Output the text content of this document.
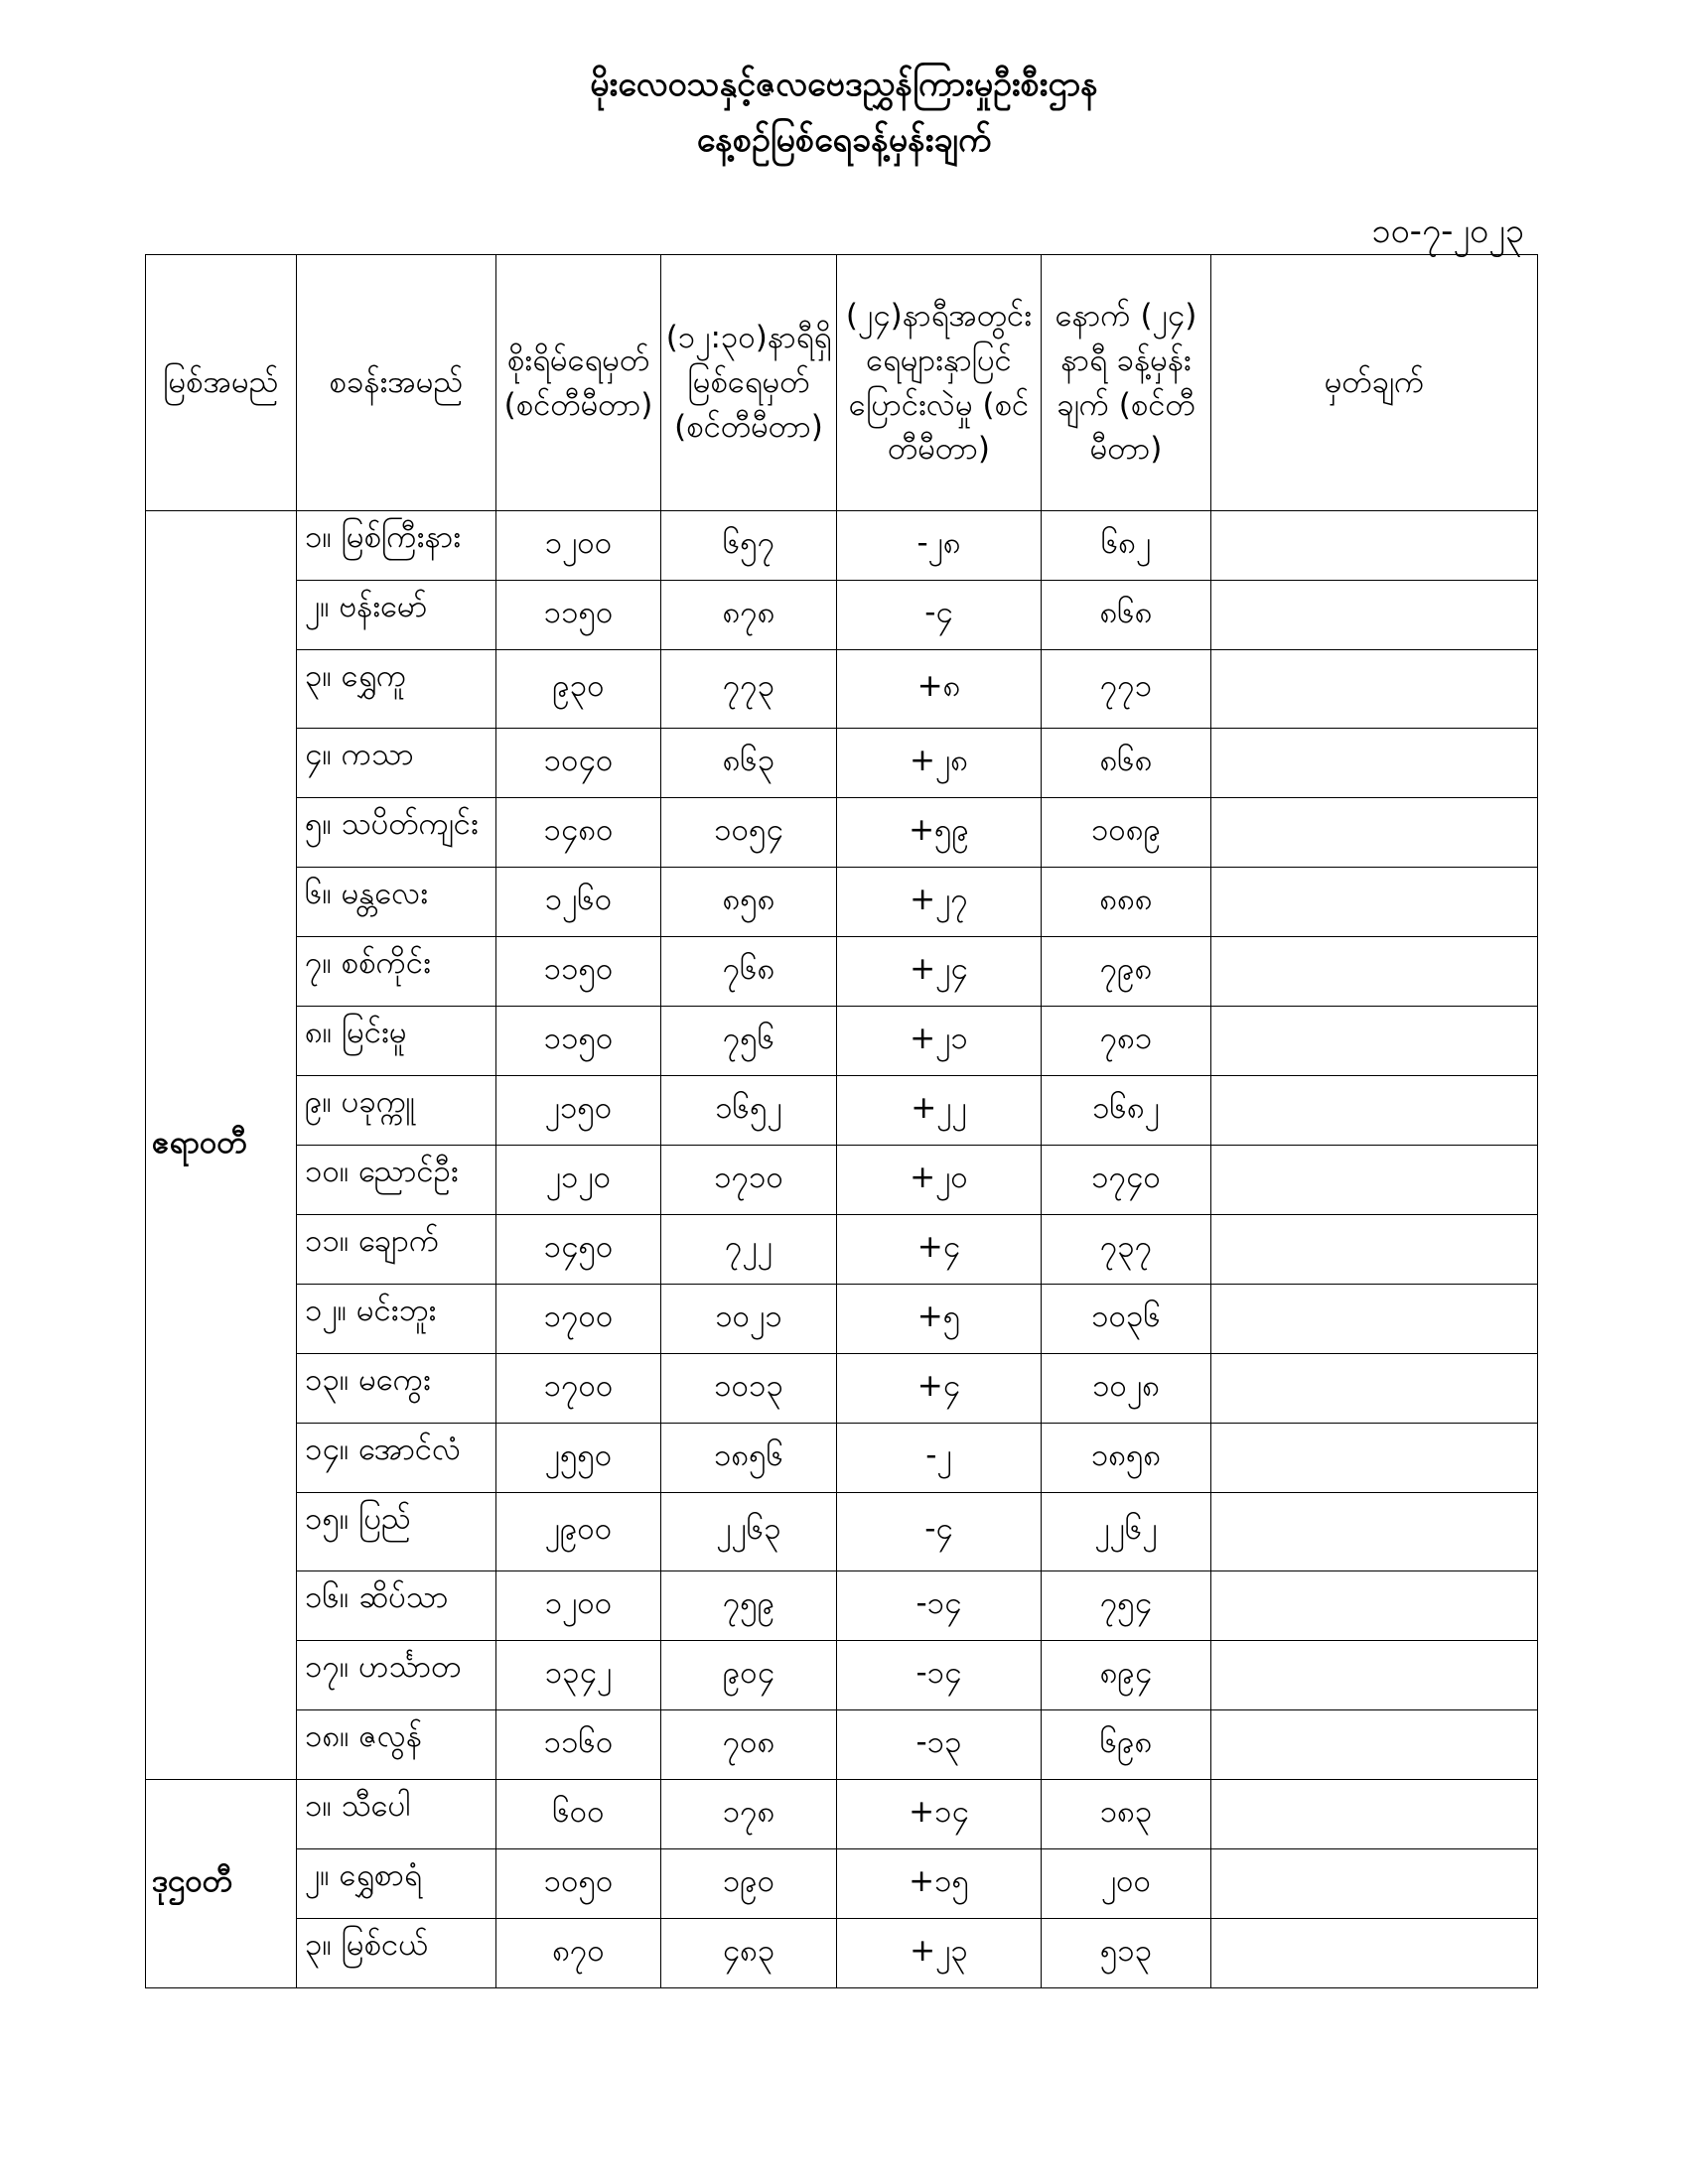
မိုးလေဝသနှင့်ဇလဗေဒညွှန်ကြားမှုဦးစီးဌာန
နေ့စဉ်မြစ်ရေခန့်မှန်းချက်
၁၀-၇-၂၀၂၃
မြစ်အမည်	စခန်းအမည်	စိုးရိမ်ရေမှတ် (စင်တီမီတာ)	(၁၂:၃၀)နာရီရှိ မြစ်ရေမှတ် (စင်တီမီတာ)	(၂၄)နာရီအတွင်း ရေများနှာပြင် ပြောင်းလဲမှု (စင်တီမီတာ)	နောက် (၂၄) နာရီ ခန့်မှန်းချက် (စင်တီမီတာ)	မှတ်ချက်
ဧရာဝတီ	၁။ မြစ်ကြီးနား	၁၂၀၀	၆၅၇	-၂၈	၆၈၂	
	၂။ ဗန်းမော်	၁၁၅၀	၈၇၈	-၄	၈၆၈	
	၃။ ရွှေကူ	၉၃၀	၇၇၃	+၈	၇၇၁	
	၄။ ကသာ	၁၀၄၀	၈၆၃	+၂၈	၈၆၈	
	၅။ သပိတ်ကျင်း	၁၄၈၀	၁၀၅၄	+၅၉	၁၀၈၉	
	၆။ မန္တလေး	၁၂၆၀	၈၅၈	+၂၇	၈၈၈	
	၇။ စစ်ကိုင်း	၁၁၅၀	၇၆၈	+၂၄	၇၉၈	
	၈။ မြင်းမူ	၁၁၅၀	၇၅၆	+၂၁	၇၈၁	
	၉။ ပခုက္ကူ	၂၁၅၀	၁၆၅၂	+၂၂	၁၆၈၂	
	၁၀။ ညောင်ဦး	၂၁၂၀	၁၇၁၀	+၂၀	၁၇၄၀	
	၁၁။ ချောက်	၁၄၅၀	၇၂၂	+၄	၇၃၇	
	၁၂။ မင်းဘူး	၁၇၀၀	၁၀၂၁	+၅	၁၀၃၆	
	၁၃။ မကွေး	၁၇၀၀	၁၀၁၃	+၄	၁၀၂၈	
	၁၄။ အောင်လံ	၂၅၅၀	၁၈၅၆	-၂	၁၈၅၈	
	၁၅။ ပြည်	၂၉၀၀	၂၂၆၃	-၄	၂၂၆၂	
	၁၆။ ဆိပ်သာ	၁၂၀၀	၇၅၉	-၁၄	၇၅၄	
	၁၇။ ဟင်္သာတ	၁၃၄၂	၉၀၄	-၁၄	၈၉၄	
	၁၈။ ဇလွန်	၁၁၆၀	၇၀၈	-၁၃	၆၉၈	
ဒုဌဝတီ	၁။ သီပေါ	၆၀၀	၁၇၈	+၁၄	၁၈၃	
	၂။ ရွှေစာရံ	၁၀၅၀	၁၉၀	+၁၅	၂၀၀	
	၃။ မြစ်ငယ်	၈၇၀	၄၈၃	+၂၃	၅၁၃	
